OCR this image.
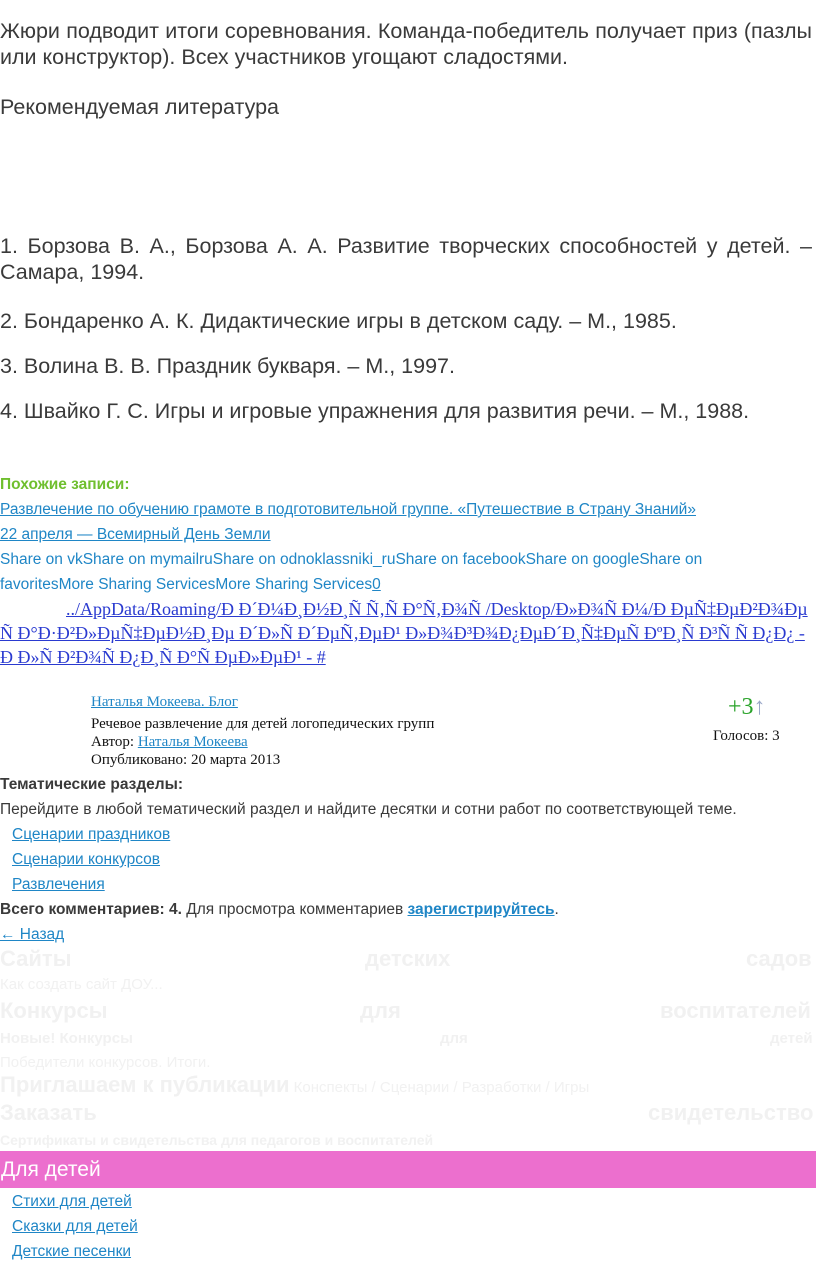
Жюри подводит итоги соревнования. Команда-победитель получает приз (пазлы или конструктор). Всех участников угощают сладостями.

Рекомендуемая литература

1. Борзова В. А., Борзова А. А. Развитие творческих способностей у детей. – Самара, 1994.

2. Бондаренко А. К. Дидактические игры в детском саду. – М., 1985.

3. Волина В. В. Праздник букваря. – М., 1997.

4. Швайко Г. С. Игры и игровые упражнения для развития речи. – М., 1988.

Похожие записи:
Развлечение по обучению грамоте в подготовительной группе. «Путешествие в Страну Знаний»
22 апреля — Всемирный День Земли
Share on vkShare on mymailruShare on odnoklassniki_ruShare on facebookShare on googleShare on favoritesMore Sharing ServicesMore Sharing Services0
../AppData/Roaming/Ð Ð´Ð¼Ð¸Ð½Ð¸Ñ Ñ‚Ñ Ð°Ñ‚Ð¾Ñ /Desktop/Ð»Ð¾Ñ Ð¼/Ð ÐµÑ‡ÐµÐ²Ð¾Ðµ Ñ Ð°Ð·Ð²Ð»ÐµÑ‡ÐµÐ½Ð¸Ðµ Ð´Ð»Ñ Ð´ÐµÑ‚ÐµÐ¹ Ð»Ð¾Ð³Ð¾Ð¿ÐµÐ´Ð¸Ñ‡ÐµÑ ÐºÐ¸Ñ Ð³Ñ Ñ Ð¿Ð¿ - Ð Ð»Ñ Ð²Ð¾Ñ Ð¿Ð¸Ñ Ð°Ñ ÐµÐ»ÐµÐ¹ - #
Наталья Мокеева. Блог
Речевое развлечение для детей логопедических групп
Автор: Наталья Мокеева
Опубликовано: 20 марта 2013
+3↑
Голосов: 3
Тематические разделы:
Перейдите в любой тематический раздел и найдите десятки и сотни работ по соответствующей теме.
Сценарии праздников
Сценарии конкурсов
Развлечения
Всего комментариев: 4. Для просмотра комментариев зарегистрируйтесь.
← Назад
Сайты	детских	садов
Как создать сайт ДОУ...
Конкурсы	для	воспитателей
Новые! Конкурсы	для	детей
Победители конкурсов. Итоги.
Приглашаем к публикации Конспекты / Сценарии / Разработки / Игры
Заказать	свидетельство
Сертификаты и свидетельства для педагогов и воспитателей
Для детей
Стихи для детей
Сказки для детей
Детские песенки
